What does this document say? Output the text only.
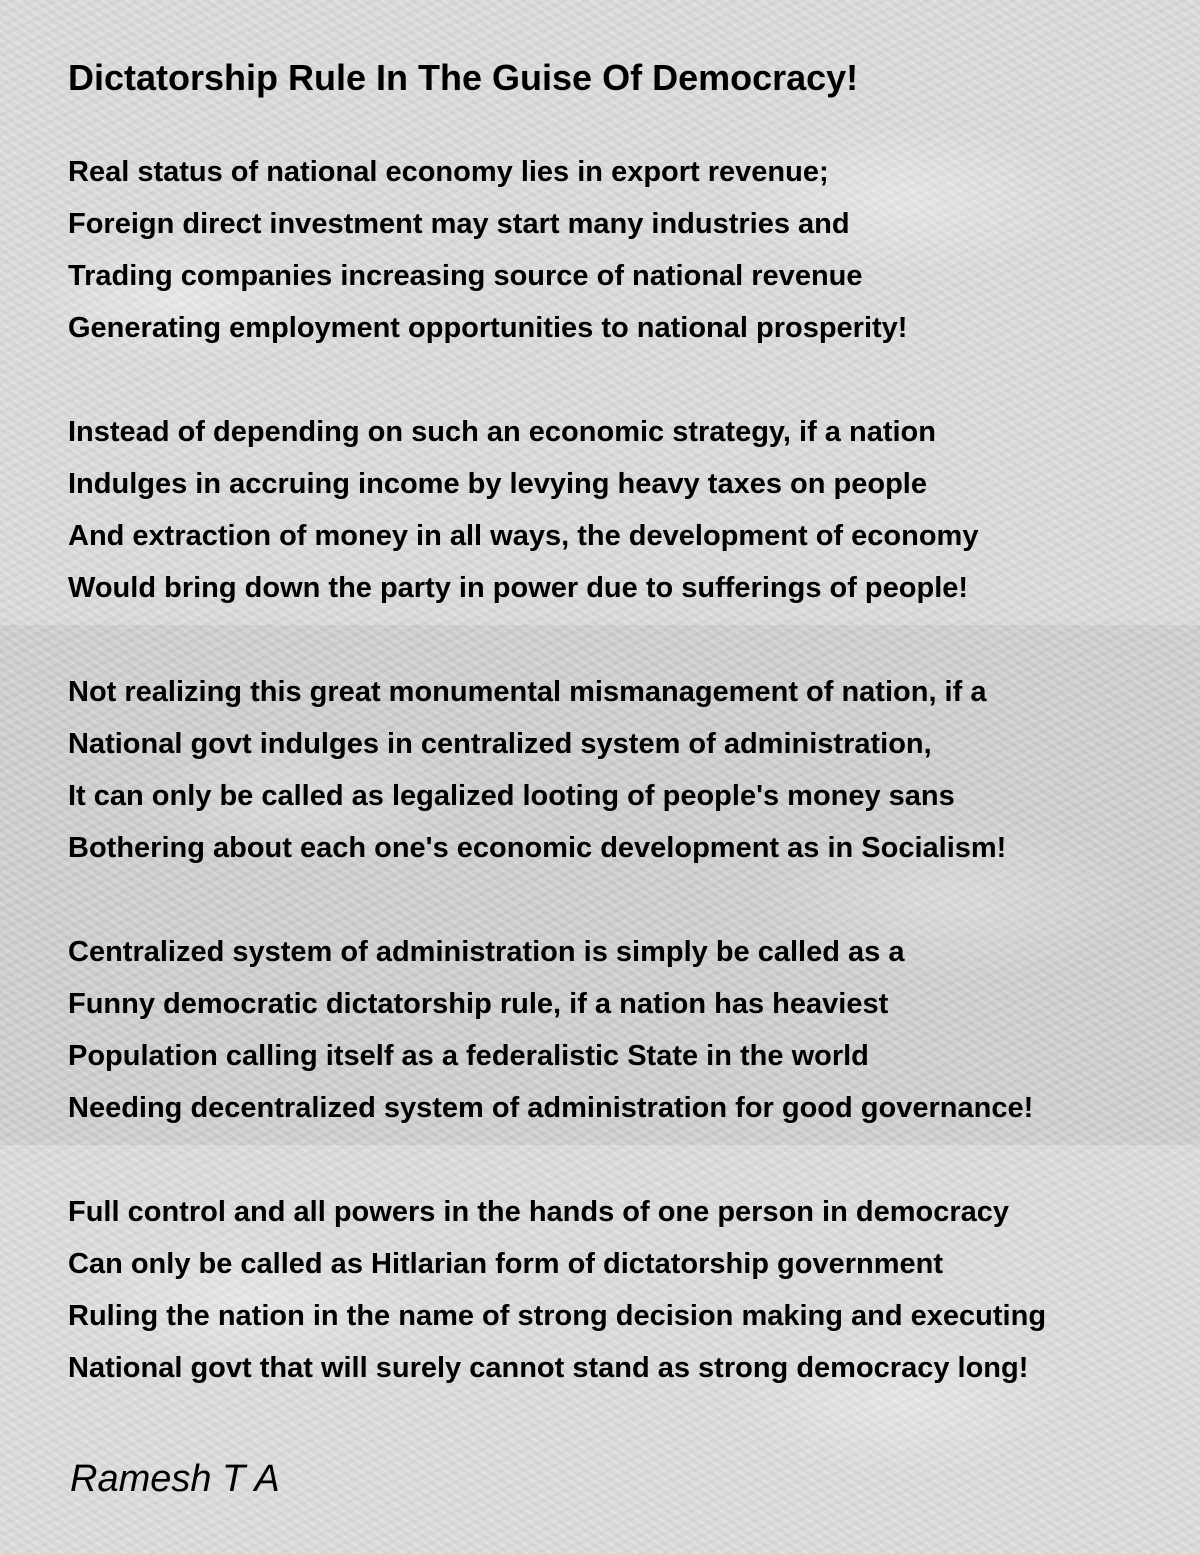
Dictatorship Rule In The Guise Of Democracy!
Real status of national economy lies in export revenue;
Foreign direct investment may start many industries and
Trading companies increasing source of national revenue
Generating employment opportunities to national prosperity!
Instead of depending on such an economic strategy, if a nation
Indulges in accruing income by levying heavy taxes on people
And extraction of money in all ways, the development of economy
Would bring down the party in power due to sufferings of people!
Not realizing this great monumental mismanagement of nation, if a
National govt indulges in centralized system of administration,
It can only be called as legalized looting of people's money sans
Bothering about each one's economic development as in Socialism!
Centralized system of administration is simply be called as a
Funny democratic dictatorship rule, if a nation has heaviest
Population calling itself as a federalistic State in the world
Needing decentralized system of administration for good governance!
Full control and all powers in the hands of one person in democracy
Can only be called as Hitlarian form of dictatorship government
Ruling the nation in the name of strong decision making and executing
National govt that will surely cannot stand as strong democracy long!
Ramesh T A
